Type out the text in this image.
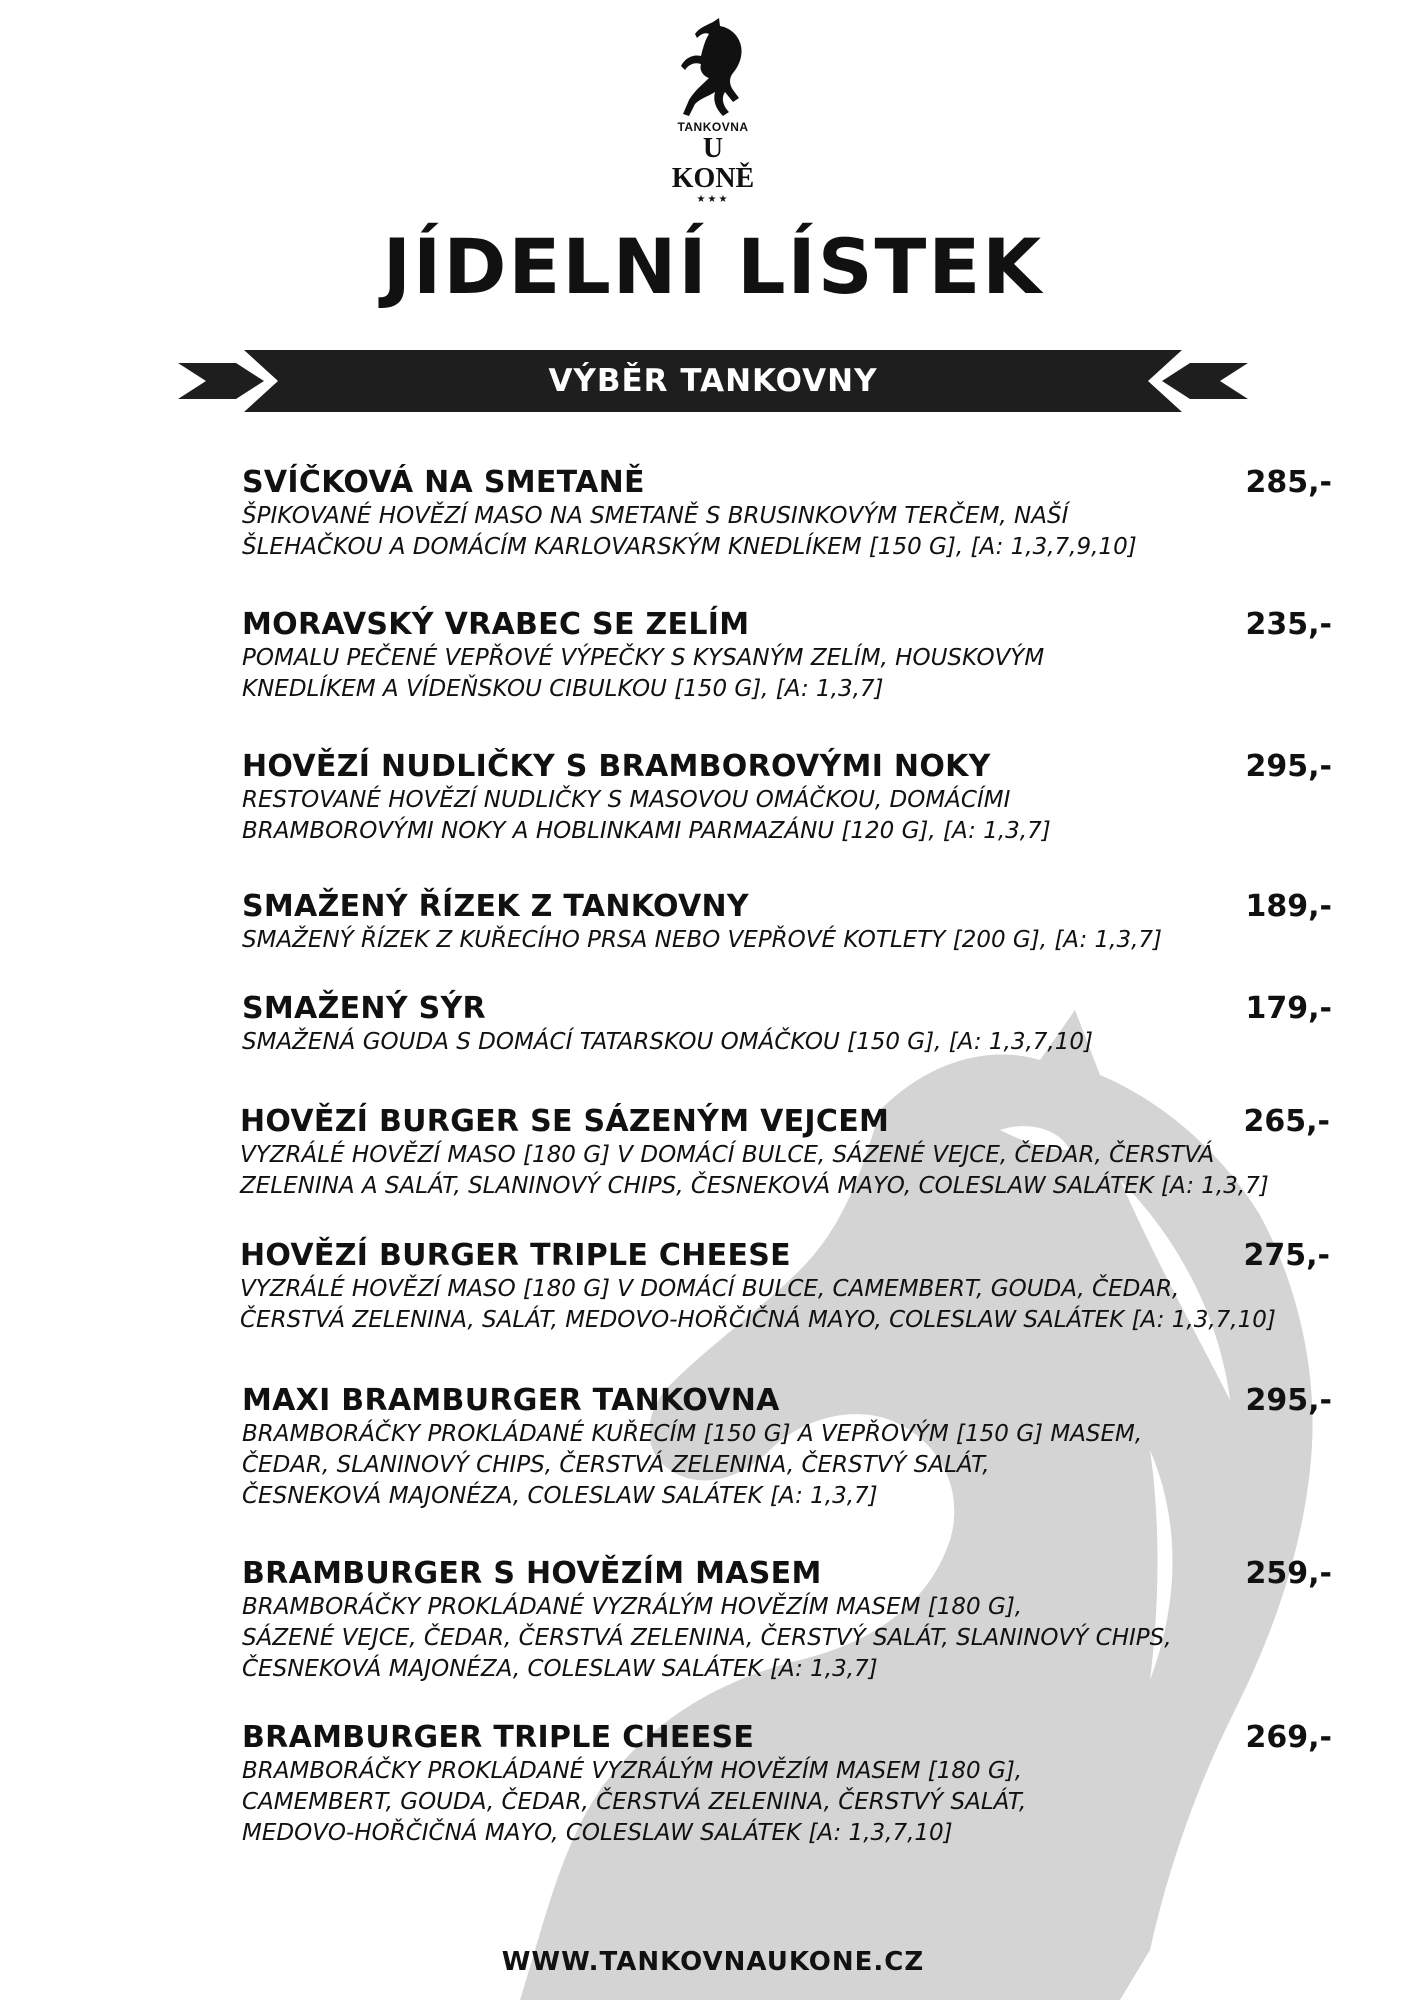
TANKOVNA
U KONĚ
★★★
JÍDELNÍ LÍSTEK
VÝBĚR TANKOVNY
SVÍČKOVÁ NA SMETANĚ	285,-
ŠPIKOVANÉ HOVĚZÍ MASO NA SMETANĚ S BRUSINKOVÝM TERČEM, NAŠÍ
ŠLEHAČKOU A DOMÁCÍM KARLOVARSKÝM KNEDLÍKEM [150 G], [A: 1,3,7,9,10]
MORAVSKÝ VRABEC SE ZELÍM	235,-
POMALU PEČENÉ VEPŘOVÉ VÝPEČKY S KYSANÝM ZELÍM, HOUSKOVÝM
KNEDLÍKEM A VÍDEŇSKOU CIBULKOU [150 G], [A: 1,3,7]
HOVĚZÍ NUDLIČKY S BRAMBOROVÝMI NOKY	295,-
RESTOVANÉ HOVĚZÍ NUDLIČKY S MASOVOU OMÁČKOU, DOMÁCÍMI
BRAMBOROVÝMI NOKY A HOBLINKAMI PARMAZÁNU [120 G], [A: 1,3,7]
SMAŽENÝ ŘÍZEK Z TANKOVNY	189,-
SMAŽENÝ ŘÍZEK Z KUŘECÍHO PRSA NEBO VEPŘOVÉ KOTLETY [200 G], [A: 1,3,7]
SMAŽENÝ SÝR	179,-
SMAŽENÁ GOUDA S DOMÁCÍ TATARSKOU OMÁČKOU [150 G], [A: 1,3,7,10]
HOVĚZÍ BURGER SE SÁZENÝM VEJCEM	265,-
VYZRÁLÉ HOVĚZÍ MASO [180 G] V DOMÁCÍ BULCE, SÁZENÉ VEJCE, ČEDAR, ČERSTVÁ
ZELENINA A SALÁT, SLANINOVÝ CHIPS, ČESNEKOVÁ MAYO, COLESLAW SALÁTEK [A: 1,3,7]
HOVĚZÍ BURGER TRIPLE CHEESE	275,-
VYZRÁLÉ HOVĚZÍ MASO [180 G] V DOMÁCÍ BULCE, CAMEMBERT, GOUDA, ČEDAR,
ČERSTVÁ ZELENINA, SALÁT, MEDOVO-HOŘČIČNÁ MAYO, COLESLAW SALÁTEK [A: 1,3,7,10]
MAXI BRAMBURGER TANKOVNA	295,-
BRAMBORÁČKY PROKLÁDANÉ KUŘECÍM [150 G] A VEPŘOVÝM [150 G] MASEM,
ČEDAR, SLANINOVÝ CHIPS, ČERSTVÁ ZELENINA, ČERSTVÝ SALÁT,
ČESNEKOVÁ MAJONÉZA, COLESLAW SALÁTEK [A: 1,3,7]
BRAMBURGER S HOVĚZÍM MASEM	259,-
BRAMBORÁČKY PROKLÁDANÉ VYZRÁLÝM HOVĚZÍM MASEM [180 G],
SÁZENÉ VEJCE, ČEDAR, ČERSTVÁ ZELENINA, ČERSTVÝ SALÁT, SLANINOVÝ CHIPS,
ČESNEKOVÁ MAJONÉZA, COLESLAW SALÁTEK [A: 1,3,7]
BRAMBURGER TRIPLE CHEESE	269,-
BRAMBORÁČKY PROKLÁDANÉ VYZRÁLÝM HOVĚZÍM MASEM [180 G],
CAMEMBERT, GOUDA, ČEDAR, ČERSTVÁ ZELENINA, ČERSTVÝ SALÁT,
MEDOVO-HOŘČIČNÁ MAYO, COLESLAW SALÁTEK [A: 1,3,7,10]
WWW.TANKOVNAUKONE.CZ
